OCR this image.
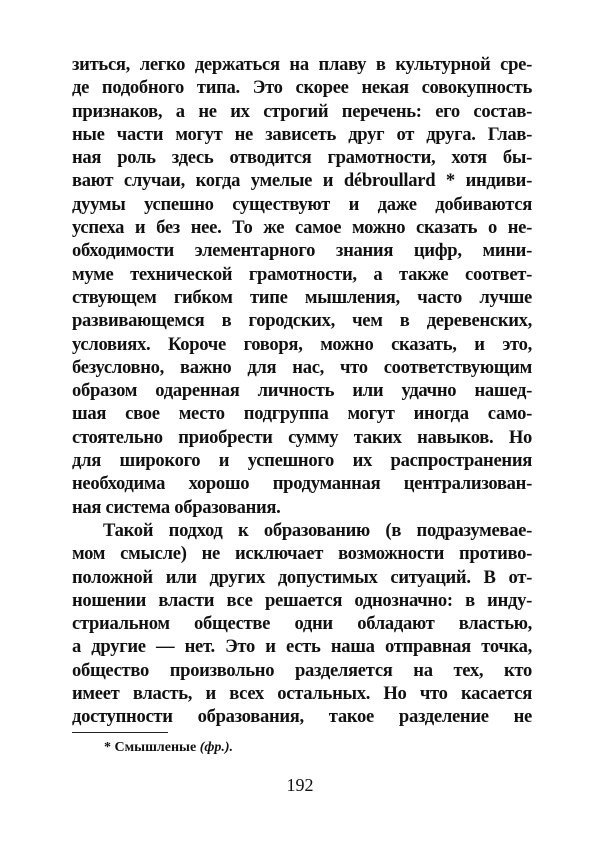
зиться, легко держаться на плаву в культурной сре-
де подобного типа. Это скорее некая совокупность
признаков, а не их строгий перечень: его состав-
ные части могут не зависеть друг от друга. Глав-
ная роль здесь отводится грамотности, хотя бы-
вают случаи, когда умелые и débroullard * индиви-
дуумы успешно существуют и даже добиваются
успеха и без нее. То же самое можно сказать о не-
обходимости элементарного знания цифр, мини-
муме технической грамотности, а также соответ-
ствующем гибком типе мышления, часто лучше
развивающемся в городских, чем в деревенских,
условиях. Короче говоря, можно сказать, и это,
безусловно, важно для нас, что соответствующим
образом одаренная личность или удачно нашед-
шая свое место подгруппа могут иногда само-
стоятельно приобрести сумму таких навыков. Но
для широкого и успешного их распространения
необходима хорошо продуманная централизован-
ная система образования.
Такой подход к образованию (в подразумевае-
мом смысле) не исключает возможности противо-
положной или других допустимых ситуаций. В от-
ношении власти все решается однозначно: в инду-
стриальном обществе одни обладают властью,
а другие — нет. Это и есть наша отправная точка,
общество произвольно разделяется на тех, кто
имеет власть, и всех остальных. Но что касается
доступности образования, такое разделение не
* Смышленые (фр.).
192
